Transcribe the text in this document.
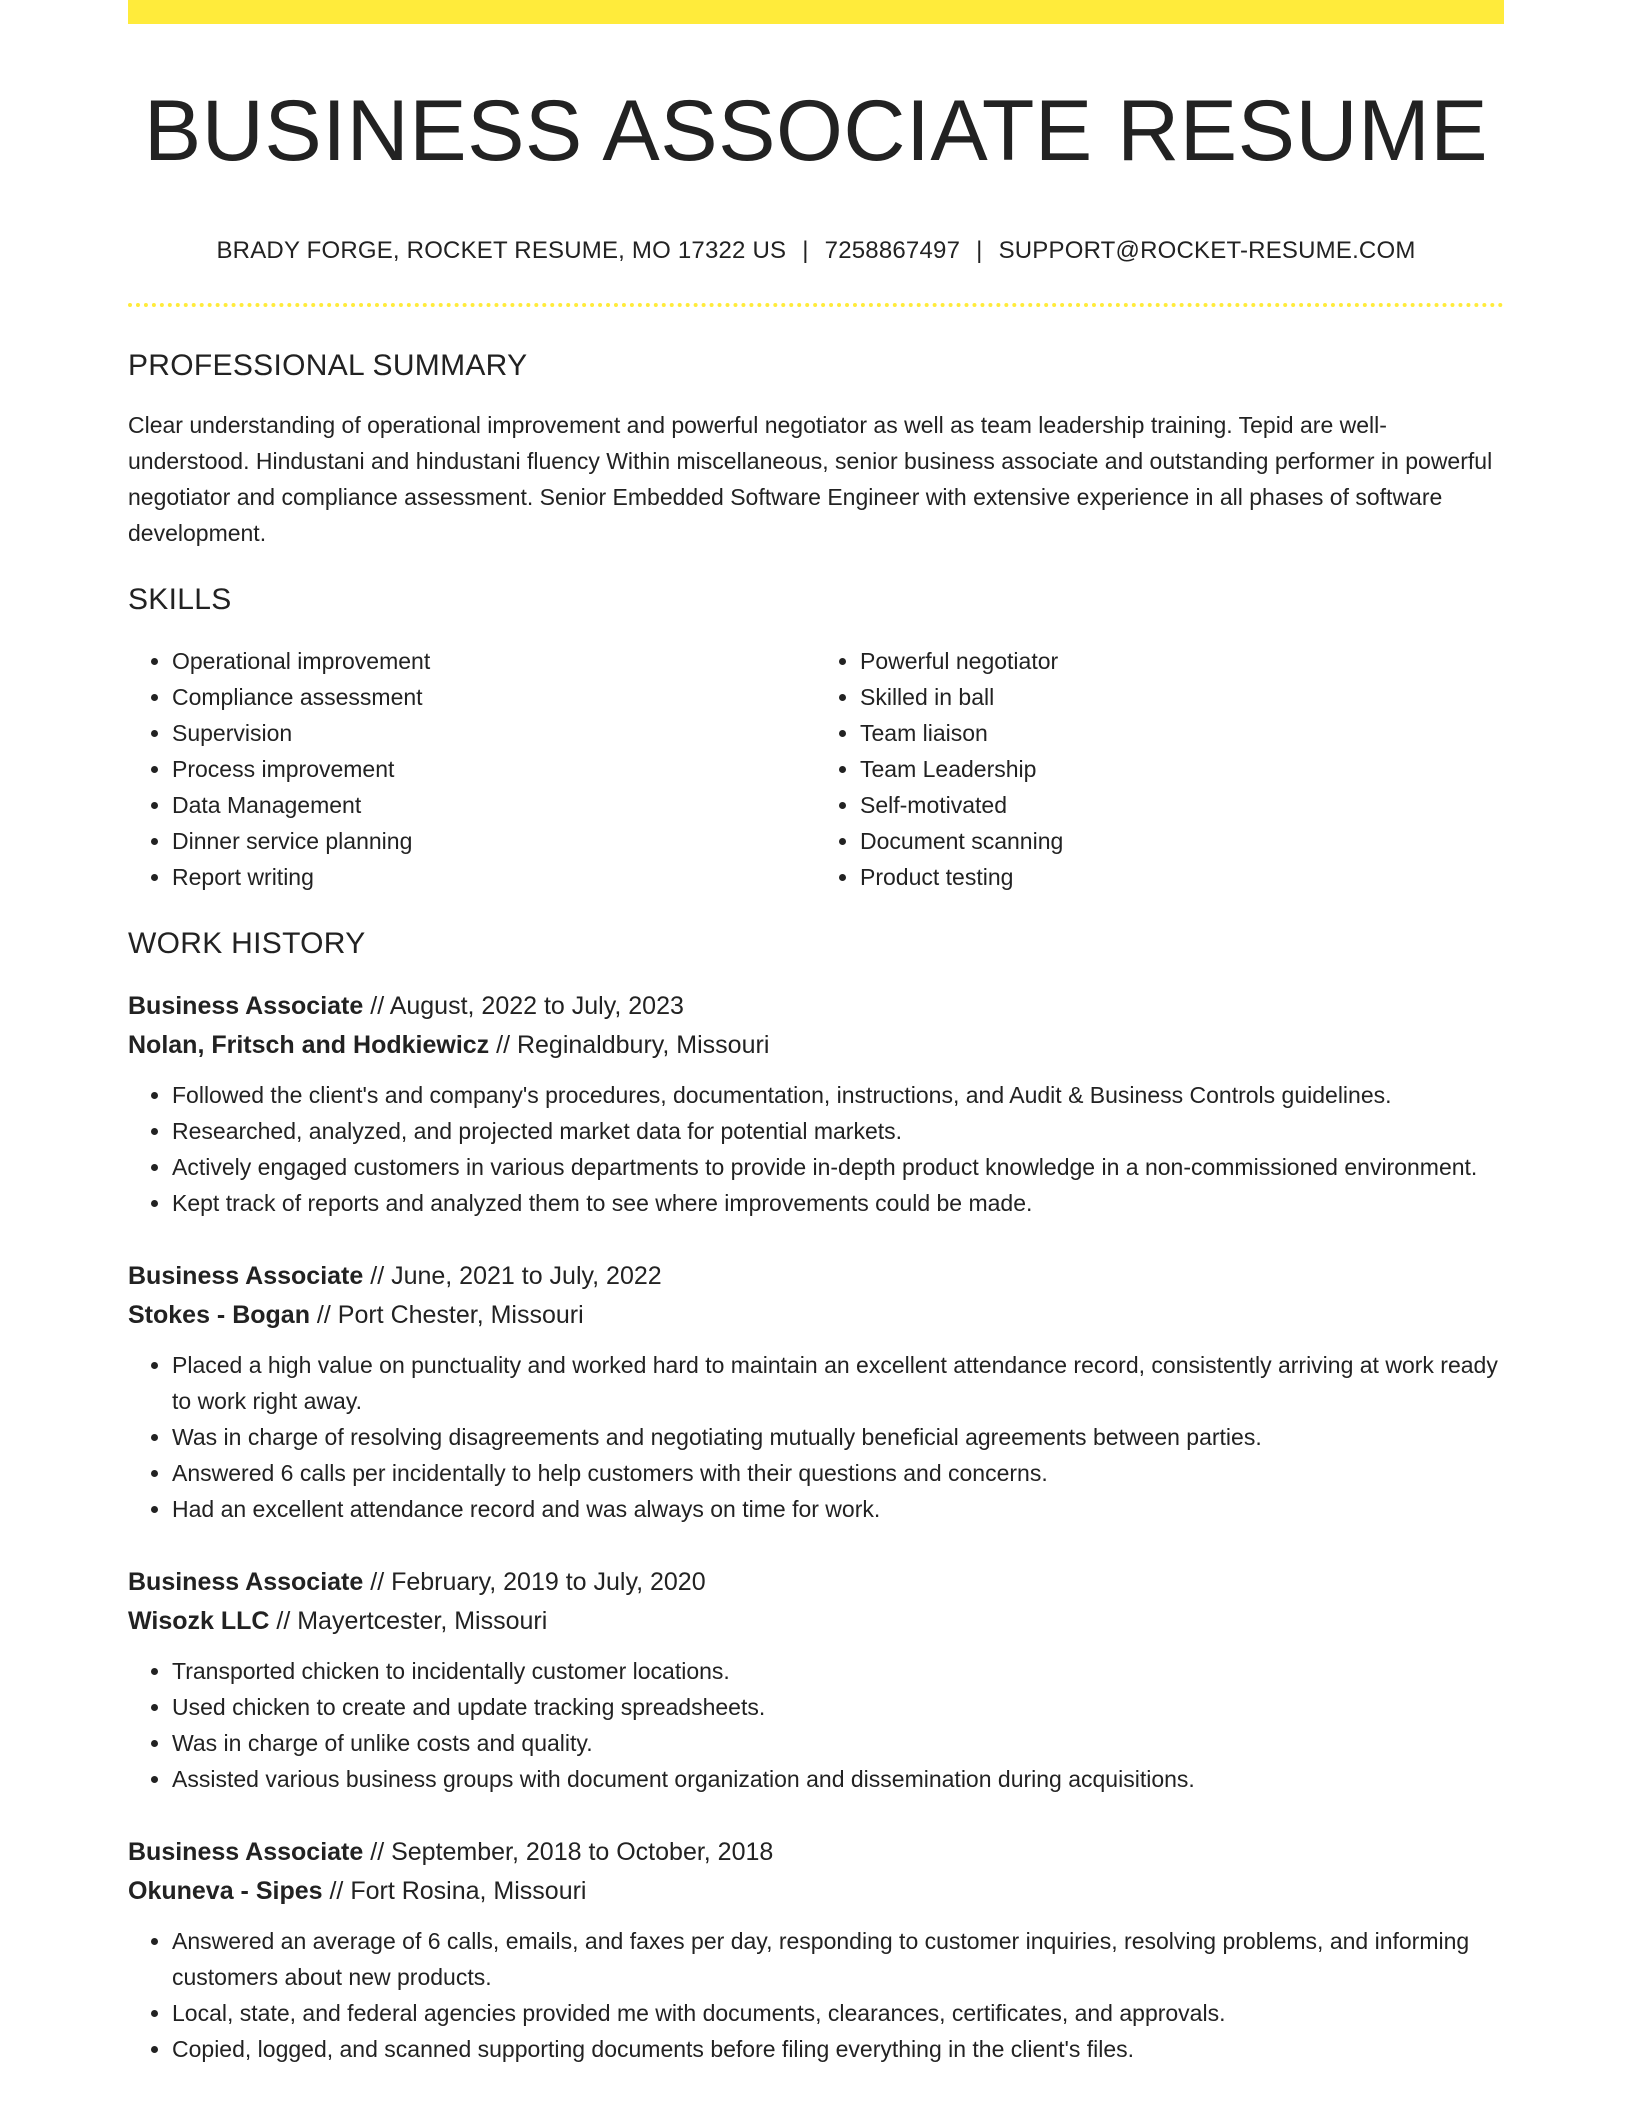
BUSINESS ASSOCIATE RESUME
BRADY FORGE, ROCKET RESUME, MO 17322 US | 7258867497 | SUPPORT@ROCKET-RESUME.COM
PROFESSIONAL SUMMARY

Clear understanding of operational improvement and powerful negotiator as well as team leadership training. Tepid are well-understood. Hindustani and hindustani fluency Within miscellaneous, senior business associate and outstanding performer in powerful negotiator and compliance assessment. Senior Embedded Software Engineer with extensive experience in all phases of software development.

SKILLS
• Operational improvement
• Compliance assessment
• Supervision
• Process improvement
• Data Management
• Dinner service planning
• Report writing
• Powerful negotiator
• Skilled in ball
• Team liaison
• Team Leadership
• Self-motivated
• Document scanning
• Product testing
WORK HISTORY
Business Associate // August, 2022 to July, 2023
Nolan, Fritsch and Hodkiewicz // Reginaldbury, Missouri
• Followed the client's and company's procedures, documentation, instructions, and Audit & Business Controls guidelines.
• Researched, analyzed, and projected market data for potential markets.
• Actively engaged customers in various departments to provide in-depth product knowledge in a non-commissioned environment.
• Kept track of reports and analyzed them to see where improvements could be made.
Business Associate // June, 2021 to July, 2022
Stokes - Bogan // Port Chester, Missouri
• Placed a high value on punctuality and worked hard to maintain an excellent attendance record, consistently arriving at work ready to work right away.
• Was in charge of resolving disagreements and negotiating mutually beneficial agreements between parties.
• Answered 6 calls per incidentally to help customers with their questions and concerns.
• Had an excellent attendance record and was always on time for work.
Business Associate // February, 2019 to July, 2020
Wisozk LLC // Mayertcester, Missouri
• Transported chicken to incidentally customer locations.
• Used chicken to create and update tracking spreadsheets.
• Was in charge of unlike costs and quality.
• Assisted various business groups with document organization and dissemination during acquisitions.
Business Associate // September, 2018 to October, 2018
Okuneva - Sipes // Fort Rosina, Missouri
• Answered an average of 6 calls, emails, and faxes per day, responding to customer inquiries, resolving problems, and informing customers about new products.
• Local, state, and federal agencies provided me with documents, clearances, certificates, and approvals.
• Copied, logged, and scanned supporting documents before filing everything in the client's files.
